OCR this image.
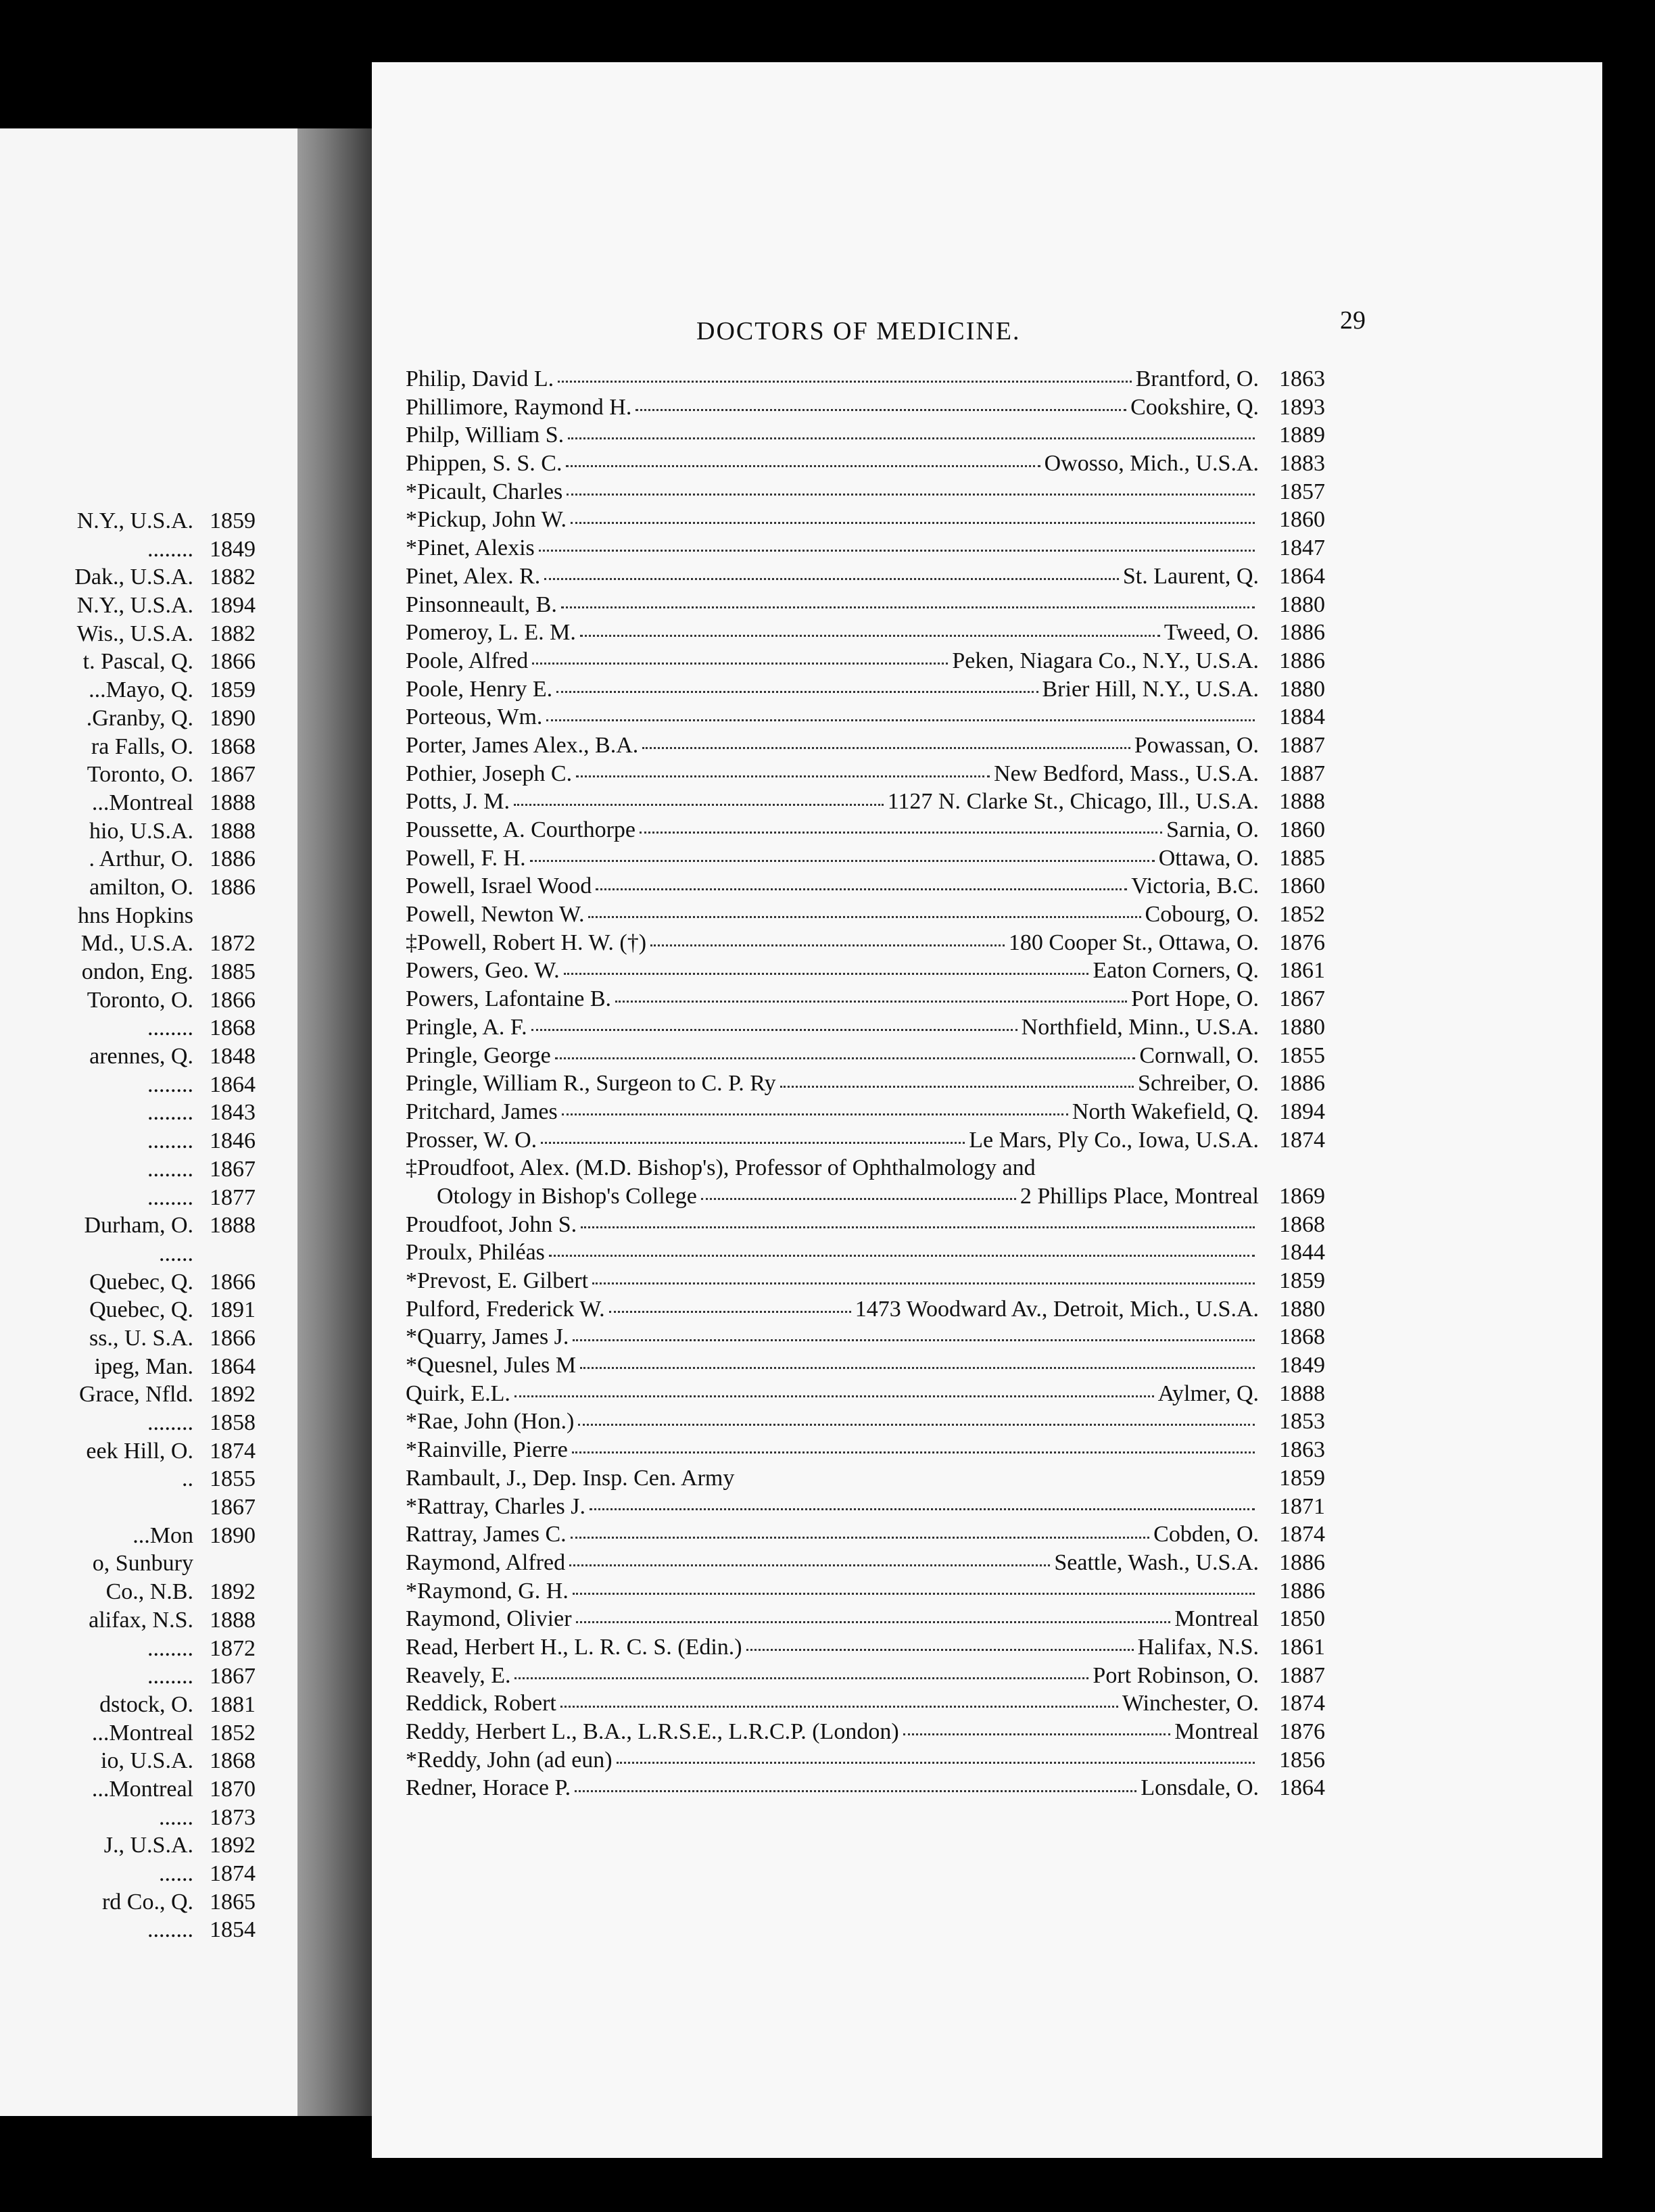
N.Y., U.S.A. 1859
........ 1849
Dak., U.S.A. 1882
N.Y., U.S.A. 1894
Wis., U.S.A. 1882
t. Pascal, Q. 1866
...Mayo, Q. 1859
.Granby, Q. 1890
ra Falls, O. 1868
Toronto, O. 1867
...Montreal 1888
hio, U.S.A. 1888
. Arthur, O. 1886
amilton, O. 1886
hns Hopkins
Md., U.S.A. 1872
ondon, Eng. 1885
Toronto, O. 1866
........ 1868
arennes, Q. 1848
........ 1864
........ 1843
........ 1846
........ 1867
........ 1877
Durham, O. 1888
......
Quebec, Q. 1866
Quebec, Q. 1891
ss., U. S.A. 1866
ipeg, Man. 1864
Grace, Nfld. 1892
........ 1858
eek Hill, O. 1874
.. 1855
1867
...Mon 1890
o, Sunbury
Co., N.B. 1892
alifax, N.S. 1888
........ 1872
........ 1867
dstock, O. 1881
...Montreal 1852
io, U.S.A. 1868
...Montreal 1870
...... 1873
J., U.S.A. 1892
...... 1874
rd Co., Q. 1865
........ 1854
DOCTORS OF MEDICINE.	29
Philip, David L.	Brantford, O. 1863
Phillimore, Raymond H.	Cookshire, Q. 1893
Philp, William S.	1889
Phippen, S. S. C.	Owosso, Mich., U.S.A. 1883
*Picault, Charles	1857
*Pickup, John W.	1860
*Pinet, Alexis	1847
Pinet, Alex. R.	St. Laurent, Q. 1864
Pinsonneault, B.	1880
Pomeroy, L. E. M.	Tweed, O. 1886
Poole, Alfred	Peken, Niagara Co., N.Y., U.S.A. 1886
Poole, Henry E.	Brier Hill, N.Y., U.S.A. 1880
Porteous, Wm.	1884
Porter, James Alex., B.A.	Powassan, O. 1887
Pothier, Joseph C.	New Bedford, Mass., U.S.A. 1887
Potts, J. M.	1127 N. Clarke St., Chicago, Ill., U.S.A. 1888
Poussette, A. Courthorpe	Sarnia, O. 1860
Powell, F. H.	Ottawa, O. 1885
Powell, Israel Wood	Victoria, B.C. 1860
Powell, Newton W.	Cobourg, O. 1852
‡Powell, Robert H. W. (†)	180 Cooper St., Ottawa, O. 1876
Powers, Geo. W.	Eaton Corners, Q. 1861
Powers, Lafontaine B.	Port Hope, O. 1867
Pringle, A. F.	Northfield, Minn., U.S.A. 1880
Pringle, George	Cornwall, O. 1855
Pringle, William R., Surgeon to C. P. Ry	Schreiber, O. 1886
Pritchard, James	North Wakefield, Q. 1894
Prosser, W. O.	Le Mars, Ply Co., Iowa, U.S.A. 1874
‡Proudfoot, Alex. (M.D. Bishop's), Professor of Ophthalmology and
Otology in Bishop's College	2 Phillips Place, Montreal 1869
Proudfoot, John S.	1868
Proulx, Philéas	1844
*Prevost, E. Gilbert	1859
Pulford, Frederick W.	1473 Woodward Av., Detroit, Mich., U.S.A. 1880
*Quarry, James J.	1868
*Quesnel, Jules M	1849
Quirk, E.L.	Aylmer, Q. 1888
*Rae, John (Hon.)	1853
*Rainville, Pierre	1863
Rambault, J., Dep. Insp. Cen. Army	1859
*Rattray, Charles J.	1871
Rattray, James C.	Cobden, O. 1874
Raymond, Alfred	Seattle, Wash., U.S.A. 1886
*Raymond, G. H.	1886
Raymond, Olivier	Montreal 1850
Read, Herbert H., L. R. C. S. (Edin.)	Halifax, N.S. 1861
Reavely, E.	Port Robinson, O. 1887
Reddick, Robert	Winchester, O. 1874
Reddy, Herbert L., B.A., L.R.S.E., L.R.C.P. (London)	Montreal 1876
*Reddy, John (ad eun)	1856
Redner, Horace P.	Lonsdale, O. 1864
